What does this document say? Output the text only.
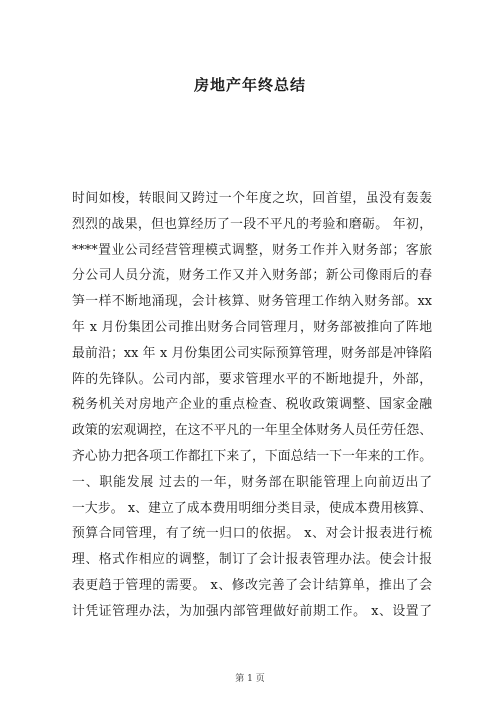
房地产年终总结
时间如梭，转眼间又跨过一个年度之坎，回首望，虽没有轰轰
烈烈的战果，但也算经历了一段不平凡的考验和磨砺。 年初，
****置业公司经营管理模式调整，财务工作并入财务部；客旅
分公司人员分流，财务工作又并入财务部；新公司像雨后的春
笋一样不断地涌现，会计核算、财务管理工作纳入财务部。xx
年 x 月份集团公司推出财务合同管理月，财务部被推向了阵地
最前沿；xx 年 x 月份集团公司实际预算管理，财务部是冲锋陷
阵的先锋队。公司内部，要求管理水平的不断地提升，外部，
税务机关对房地产企业的重点检查、税收政策调整、国家金融
政策的宏观调控，在这不平凡的一年里全体财务人员任劳任怨、
齐心协力把各项工作都扛下来了，下面总结一下一年来的工作。
一、职能发展 过去的一年，财务部在职能管理上向前迈出了
一大步。 x、建立了成本费用明细分类目录，使成本费用核算、
预算合同管理，有了统一归口的依据。 x、对会计报表进行梳
理、格式作相应的调整，制订了会计报表管理办法。使会计报
表更趋于管理的需要。 x、修改完善了会计结算单，推出了会
计凭证管理办法，为加强内部管理做好前期工作。 x、设置了
第 1 页
